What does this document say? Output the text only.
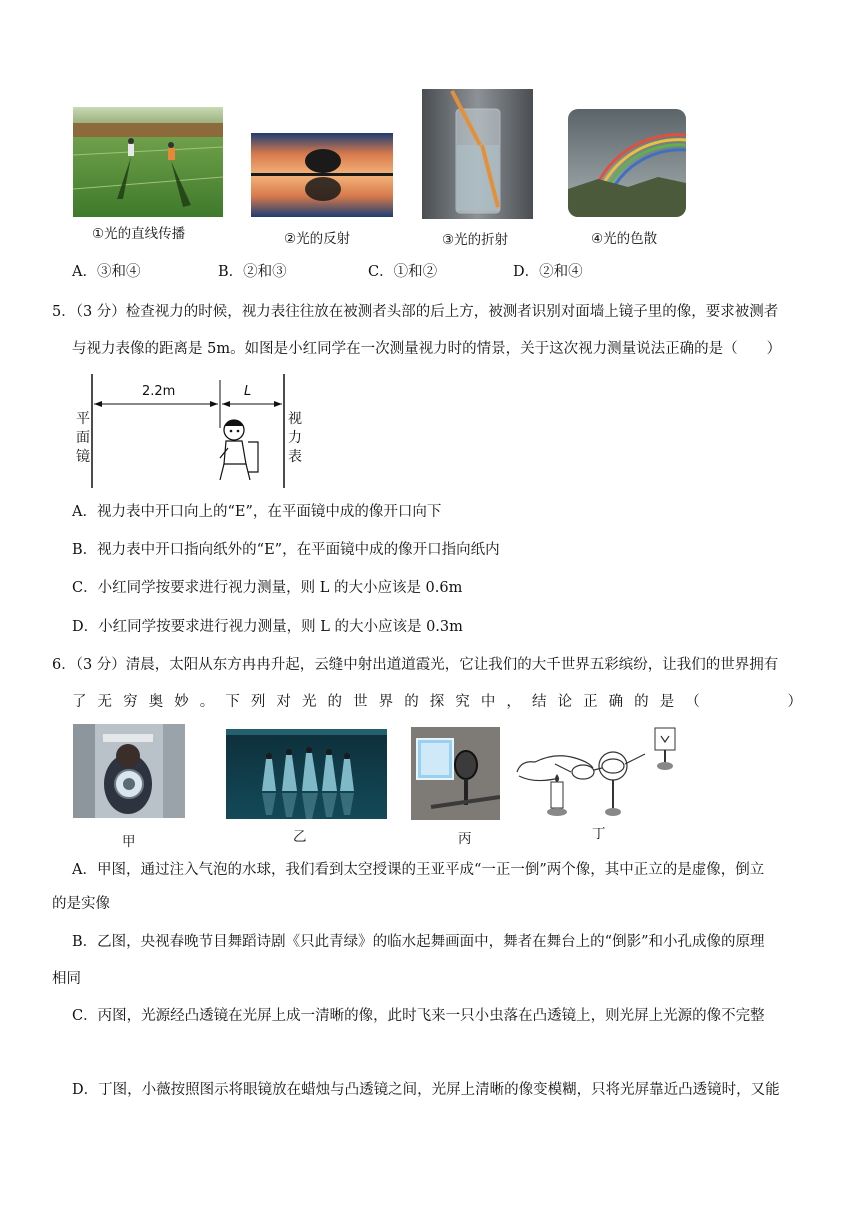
①光的直线传播	②光的反射	③光的折射	④光的色散
A．③和④	B．②和③	C．①和②	D．②和④
5．（3 分）检查视力的时候，视力表往往放在被测者头部的后上方，被测者识别对面墙上镜子里的像，要求被测者
与视力表像的距离是 5m。如图是小红同学在一次测量视力时的情景，关于这次视力测量说法正确的是（　　）
2.2m	L
平
面
镜
视
力
表
A．视力表中开口向上的“E”，在平面镜中成的像开口向下
B．视力表中开口指向纸外的“E”，在平面镜中成的像开口指向纸内
C．小红同学按要求进行视力测量，则 L 的大小应该是 0.6m
D．小红同学按要求进行视力测量，则 L 的大小应该是 0.3m
6．（3 分）清晨，太阳从东方冉冉升起，云缝中射出道道霞光，它让我们的大千世界五彩缤纷，让我们的世界拥有
了无穷奥妙。下列对光的世界的探究中，结论正确的是（　　　）
甲	乙	丙	丁
A．甲图，通过注入气泡的水球，我们看到太空授课的王亚平成“一正一倒”两个像，其中正立的是虚像，倒立
的是实像
B．乙图，央视春晚节目舞蹈诗剧《只此青绿》的临水起舞画面中，舞者在舞台上的“倒影”和小孔成像的原理
相同
C．丙图，光源经凸透镜在光屏上成一清晰的像，此时飞来一只小虫落在凸透镜上，则光屏上光源的像不完整
D．丁图，小薇按照图示将眼镜放在蜡烛与凸透镜之间，光屏上清晰的像变模糊，只将光屏靠近凸透镜时，又能
